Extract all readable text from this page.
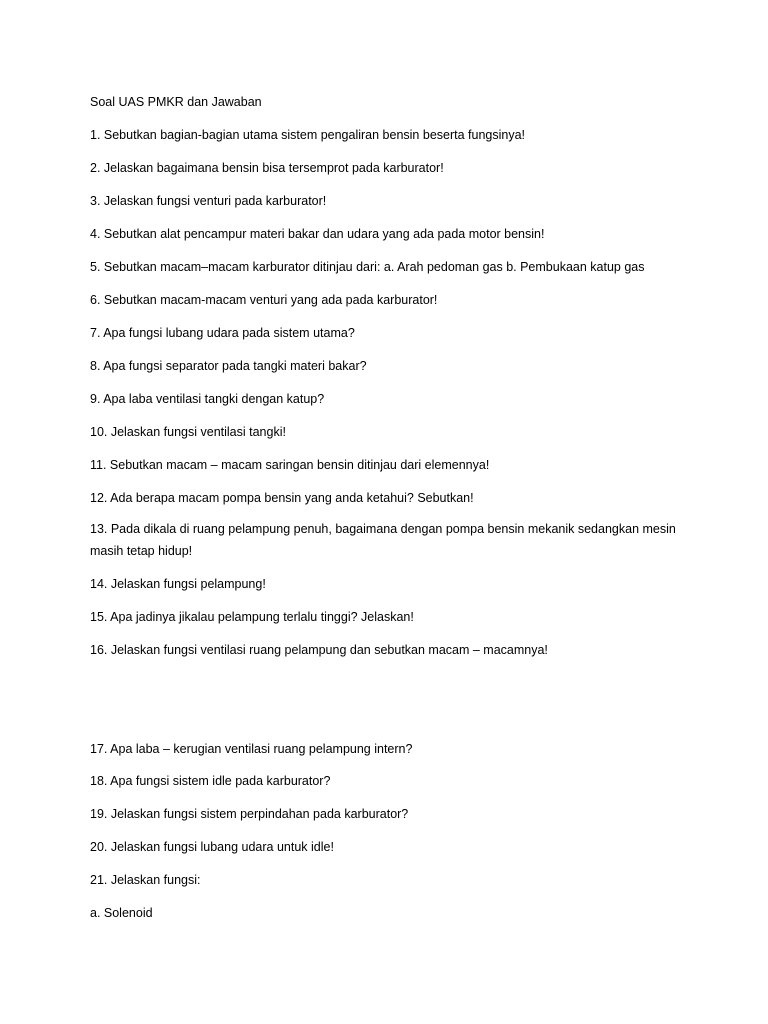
Soal UAS PMKR dan Jawaban
1. Sebutkan bagian-bagian utama sistem pengaliran bensin beserta fungsinya!
2. Jelaskan bagaimana bensin bisa tersemprot pada karburator!
3. Jelaskan fungsi venturi pada karburator!
4. Sebutkan alat pencampur materi bakar dan udara yang ada pada motor bensin!
5. Sebutkan macam–macam karburator ditinjau dari: a. Arah pedoman gas b. Pembukaan katup gas
6. Sebutkan macam-macam venturi yang ada pada karburator!
7. Apa fungsi lubang udara pada sistem utama?
8. Apa fungsi separator pada tangki materi bakar?
9. Apa laba ventilasi tangki dengan katup?
10. Jelaskan fungsi ventilasi tangki!
11. Sebutkan macam – macam saringan bensin ditinjau dari elemennya!
12. Ada berapa macam pompa bensin yang anda ketahui? Sebutkan!
13. Pada dikala di ruang pelampung penuh, bagaimana dengan pompa bensin mekanik sedangkan mesin masih tetap hidup!
14. Jelaskan fungsi pelampung!
15. Apa jadinya jikalau pelampung terlalu tinggi? Jelaskan!
16. Jelaskan fungsi ventilasi ruang pelampung dan sebutkan macam – macamnya!
17. Apa laba – kerugian ventilasi ruang pelampung intern?
18. Apa fungsi sistem idle pada karburator?
19. Jelaskan fungsi sistem perpindahan pada karburator?
20. Jelaskan fungsi lubang udara untuk idle!
21. Jelaskan fungsi:
a. Solenoid
